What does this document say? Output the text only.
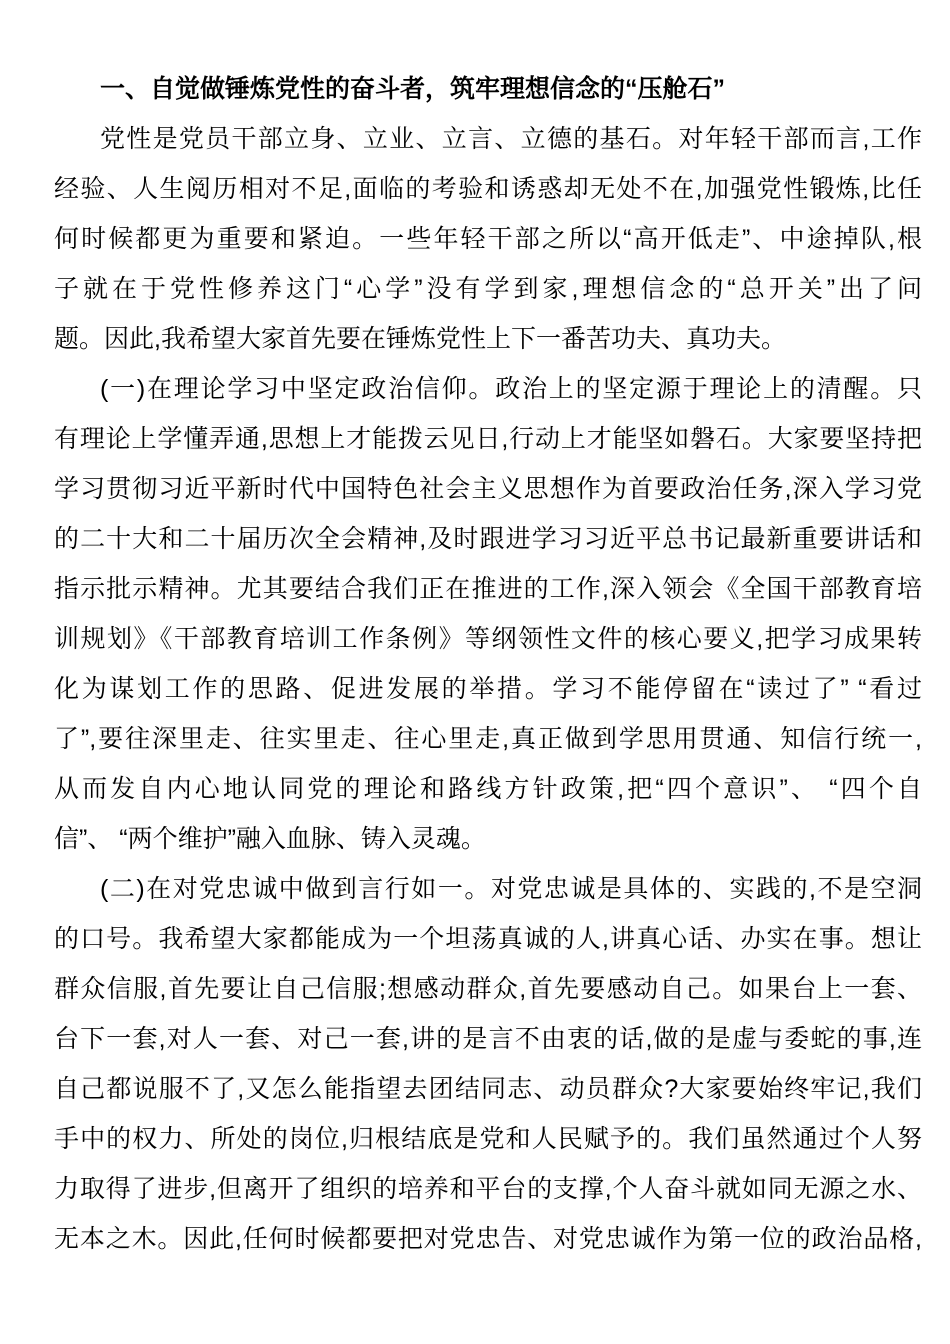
一、自觉做锤炼党性的奋斗者，筑牢理想信念的“压舱石”
党性是党员干部立身、立业、立言、立德的基石。对年轻干部而言,工作
经验、人生阅历相对不足,面临的考验和诱惑却无处不在,加强党性锻炼,比任
何时候都更为重要和紧迫。一些年轻干部之所以“高开低走”、中途掉队,根
子就在于党性修养这门“心学”没有学到家,理想信念的“总开关”出了问
题。因此,我希望大家首先要在锤炼党性上下一番苦功夫、真功夫。
(一)在理论学习中坚定政治信仰。政治上的坚定源于理论上的清醒。只
有理论上学懂弄通,思想上才能拨云见日,行动上才能坚如磐石。大家要坚持把
学习贯彻习近平新时代中国特色社会主义思想作为首要政治任务,深入学习党
的二十大和二十届历次全会精神,及时跟进学习习近平总书记最新重要讲话和
指示批示精神。尤其要结合我们正在推进的工作,深入领会《全国干部教育培
训规划》《干部教育培训工作条例》等纲领性文件的核心要义,把学习成果转
化为谋划工作的思路、促进发展的举措。学习不能停留在“读过了” “看过
了”,要往深里走、往实里走、往心里走,真正做到学思用贯通、知信行统一,
从而发自内心地认同党的理论和路线方针政策,把“四个意识”、 “四个自
信”、 “两个维护”融入血脉、铸入灵魂。
(二)在对党忠诚中做到言行如一。对党忠诚是具体的、实践的,不是空洞
的口号。我希望大家都能成为一个坦荡真诚的人,讲真心话、办实在事。想让
群众信服,首先要让自己信服;想感动群众,首先要感动自己。如果台上一套、
台下一套,对人一套、对己一套,讲的是言不由衷的话,做的是虚与委蛇的事,连
自己都说服不了,又怎么能指望去团结同志、动员群众?大家要始终牢记,我们
手中的权力、所处的岗位,归根结底是党和人民赋予的。我们虽然通过个人努
力取得了进步,但离开了组织的培养和平台的支撑,个人奋斗就如同无源之水、
无本之木。因此,任何时候都要把对党忠告、对党忠诚作为第一位的政治品格,
